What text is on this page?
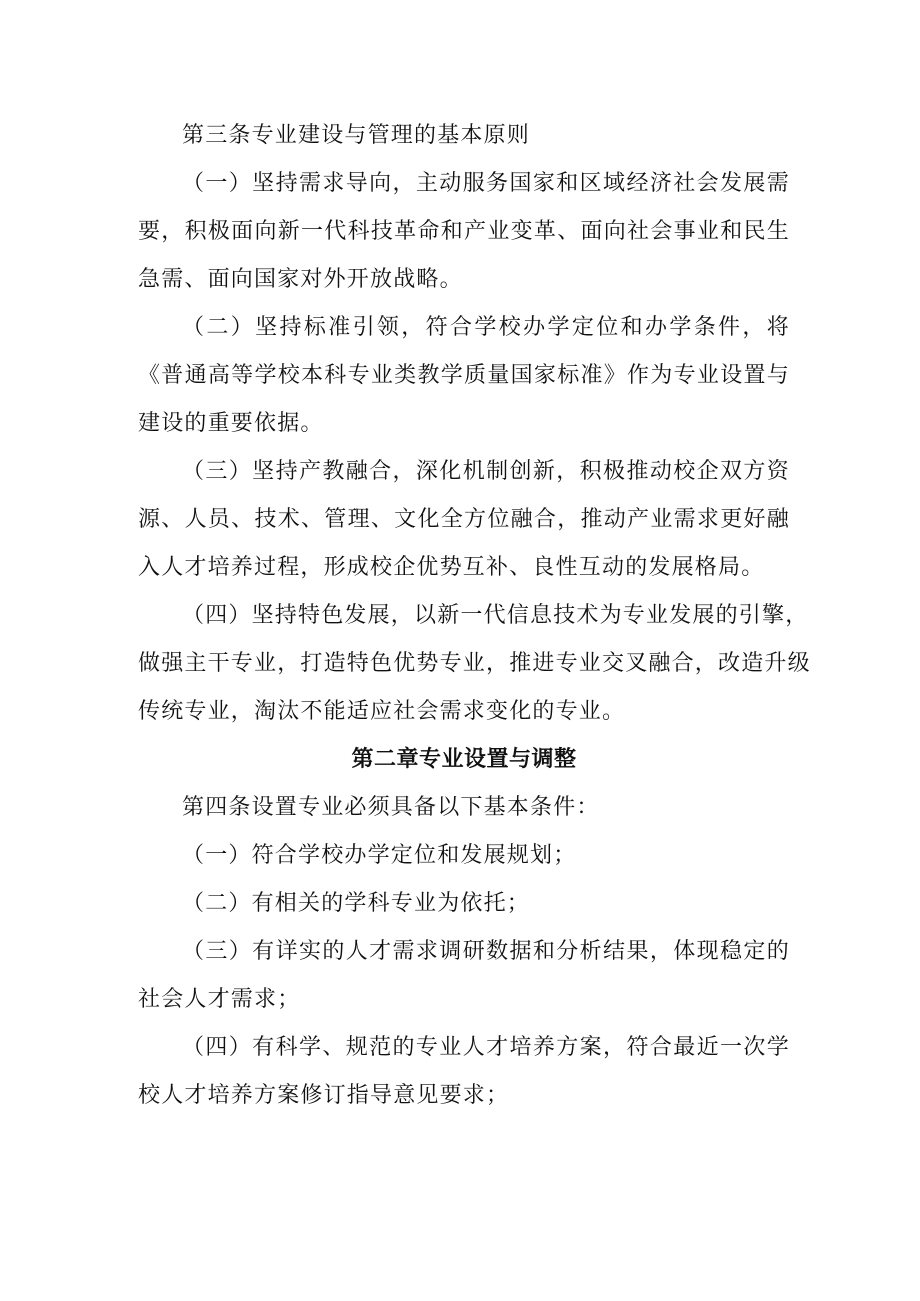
第三条专业建设与管理的基本原则

（一）坚持需求导向，主动服务国家和区域经济社会发展需
要，积极面向新一代科技革命和产业变革、面向社会事业和民生
急需、面向国家对外开放战略。

（二）坚持标准引领，符合学校办学定位和办学条件，将
《普通高等学校本科专业类教学质量国家标准》作为专业设置与
建设的重要依据。

（三）坚持产教融合，深化机制创新，积极推动校企双方资
源、人员、技术、管理、文化全方位融合，推动产业需求更好融
入人才培养过程，形成校企优势互补、良性互动的发展格局。

（四）坚持特色发展，以新一代信息技术为专业发展的引擎，
做强主干专业，打造特色优势专业，推进专业交叉融合，改造升级
传统专业，淘汰不能适应社会需求变化的专业。

第二章专业设置与调整

第四条设置专业必须具备以下基本条件：

（一）符合学校办学定位和发展规划；

（二）有相关的学科专业为依托；

（三）有详实的人才需求调研数据和分析结果，体现稳定的
社会人才需求；

（四）有科学、规范的专业人才培养方案，符合最近一次学
校人才培养方案修订指导意见要求；
